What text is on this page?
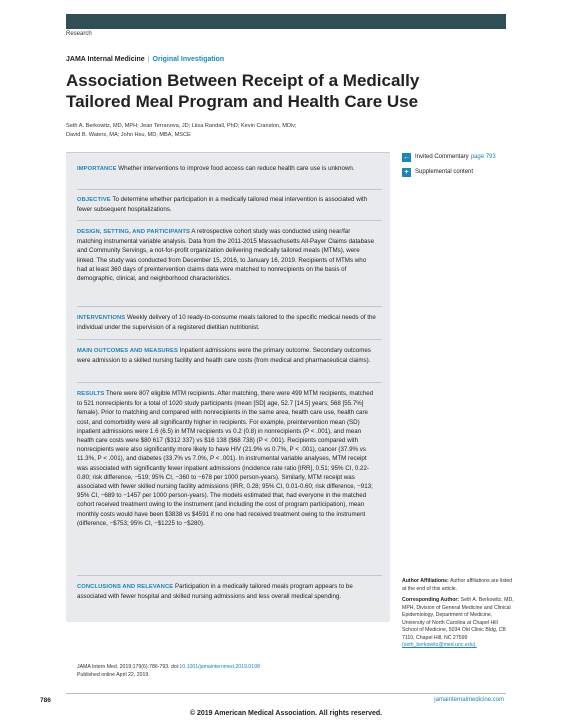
Research
JAMA Internal Medicine | Original Investigation
Association Between Receipt of a Medically Tailored Meal Program and Health Care Use
Seth A. Berkowitz, MD, MPH; Jean Terranova, JD; Liisa Randall, PhD; Kevin Cranston, MDiv;
David B. Waters, MA; John Hsu, MD, MBA, MSCE

IMPORTANCE Whether interventions to improve food access can reduce health care use is unknown.

OBJECTIVE To determine whether participation in a medically tailored meal intervention is associated with fewer subsequent hospitalizations.

DESIGN, SETTING, AND PARTICIPANTS A retrospective cohort study was conducted using near/far matching instrumental variable analysis. Data from the 2011-2015 Massachusetts All-Payer Claims database and Community Servings, a not-for-profit organization delivering medically tailored meals (MTMs), were linked. The study was conducted from December 15, 2016, to January 16, 2019. Recipients of MTMs who had at least 360 days of preintervention claims data were matched to nonrecipients on the basis of demographic, clinical, and neighborhood characteristics.

INTERVENTIONS Weekly delivery of 10 ready-to-consume meals tailored to the specific medical needs of the individual under the supervision of a registered dietitian nutritionist.

MAIN OUTCOMES AND MEASURES Inpatient admissions were the primary outcome. Secondary outcomes were admission to a skilled nursing facility and health care costs (from medical and pharmaceutical claims).

RESULTS There were 807 eligible MTM recipients. After matching, there were 499 MTM recipients, matched to 521 nonrecipients for a total of 1020 study participants (mean [SD] age, 52.7 [14.5] years; 568 [55.7%] female). Prior to matching and compared with nonrecipients in the same area, health care use, health care cost, and comorbidity were all significantly higher in recipients. For example, preintervention mean (SD) inpatient admissions were 1.6 (6.5) in MTM recipients vs 0.2 (0.8) in nonrecipients (P < .001), and mean health care costs were $80 617 ($312 337) vs $16 138 ($68 738) (P < .001). Recipients compared with nonrecipients were also significantly more likely to have HIV (21.9% vs 0.7%, P < .001), cancer (37.9% vs 11.3%, P < .001), and diabetes (33.7% vs 7.0%, P < .001). In instrumental variable analyses, MTM receipt was associated with significantly fewer inpatient admissions (incidence rate ratio [IRR], 0.51; 95% CI, 0.22-0.80; risk difference, −519; 95% CI, −360 to −678 per 1000 person-years). Similarly, MTM receipt was associated with fewer skilled nursing facility admissions (IRR, 0.28; 95% CI, 0.01-0.60; risk difference, −913; 95% CI, −689 to −1457 per 1000 person-years). The models estimated that, had everyone in the matched cohort received treatment owing to the instrument (and including the cost of program participation), mean monthly costs would have been $3838 vs $4591 if no one had received treatment owing to the instrument (difference, −$753; 95% CI, −$1225 to −$280).

CONCLUSIONS AND RELEVANCE Participation in a medically tailored meals program appears to be associated with fewer hospital and skilled nursing admissions and less overall medical spending.

JAMA Intern Med. 2019;179(6):786-793. doi:10.1001/jamainternmed.2019.0198
Published online April 22, 2019.
← Invited Commentary page 793
+	Supplemental content
Author Affiliations: Author affiliations are listed at the end of this article.
Corresponding Author: Seth A. Berkowitz, MD, MPH, Division of General Medicine and Clinical Epidemiology, Department of Medicine, University of North Carolina at Chapel Hill School of Medicine, 5034 Old Clinic Bldg, CB 7110, Chapel Hill, NC 27599 (seth_berkowitz@med.unc.edu).
786	jamainternalmedicine.com
© 2019 American Medical Association. All rights reserved.
